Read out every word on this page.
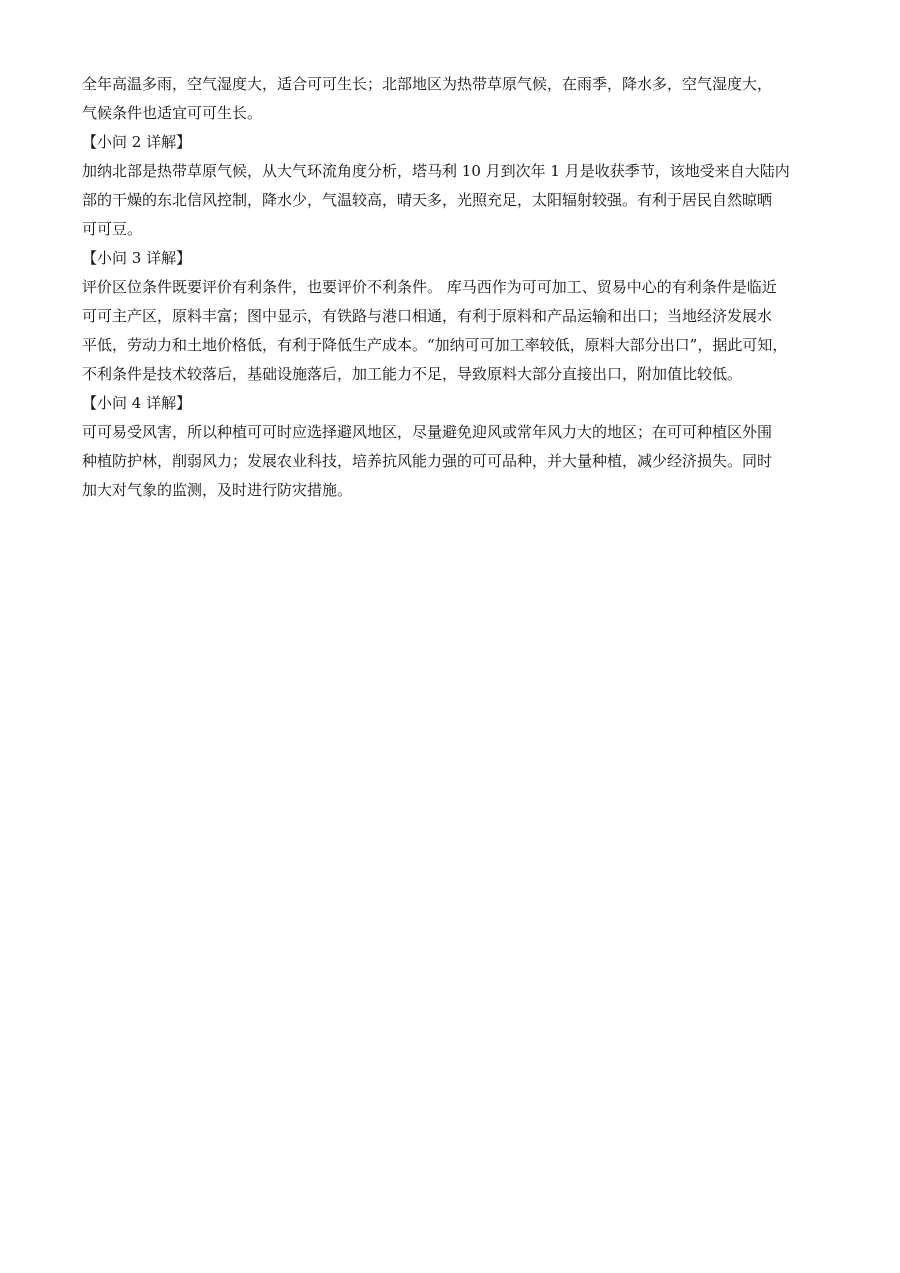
全年高温多雨，空气湿度大，适合可可生长；北部地区为热带草原气候，在雨季，降水多，空气湿度大，
气候条件也适宜可可生长。
【小问 2 详解】
加纳北部是热带草原气候，从大气环流角度分析，塔马利 10 月到次年 1 月是收获季节，该地受来自大陆内
部的干燥的东北信风控制，降水少，气温较高，晴天多，光照充足，太阳辐射较强。有利于居民自然晾晒
可可豆。
【小问 3 详解】
评价区位条件既要评价有利条件，也要评价不利条件。 库马西作为可可加工、贸易中心的有利条件是临近
可可主产区，原料丰富；图中显示，有铁路与港口相通，有利于原料和产品运输和出口；当地经济发展水
平低，劳动力和土地价格低，有利于降低生产成本。“加纳可可加工率较低，原料大部分出口”，据此可知，
不利条件是技术较落后，基础设施落后，加工能力不足，导致原料大部分直接出口，附加值比较低。
【小问 4 详解】
可可易受风害，所以种植可可时应选择避风地区，尽量避免迎风或常年风力大的地区；在可可种植区外围
种植防护林，削弱风力；发展农业科技，培养抗风能力强的可可品种，并大量种植，减少经济损失。同时
加大对气象的监测，及时进行防灾措施。
